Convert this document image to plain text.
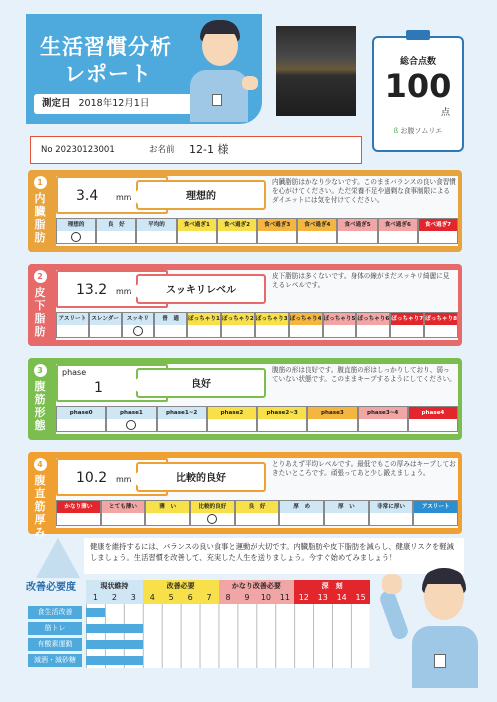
生活習慣分析
レポート
測定日 2018年12月1日
総合点数
100
点
ß お腹ソムリエ
No 20230123001	お名前 12-1 様
1
内
臓
脂
肪
3.4 mm	理想的
内臓脂肪はかなり少ないです。このままバランスの良い食習慣を心がけてください。ただ栄養不足や過剰な食事制限によるダイエットには気を付けてください。
理想的	良　好	平均的	食べ過ぎ1	食べ過ぎ2	食べ過ぎ3	食べ過ぎ4	食べ過ぎ5	食べ過ぎ6	食べ過ぎ7
2
皮
下
脂
肪
13.2 mm	スッキリレベル
皮下脂肪は多くないです。身体の線がまだスッキリ綺麗に見えるレベルです。
アスリート スレンダー	スッキリ	普　通	ぽっちゃり1 ぽっちゃり2 ぽっちゃり3 ぽっちゃり4 ぽっちゃり5 ぽっちゃり6 ぽっちゃり7 ぽっちゃり8
3
腹
筋
形
態
phase
1	良好
腹筋の形は良好です。腹直筋の形はしっかりしており、弱っていない状態です。このままキープするようにしてください。
phase0	phase1	phase1~2	phase2	phase2~3	phase3	phase3~4	phase4
4
腹
直
筋
厚
み
10.2 mm	比較的良好
とりあえず平均レベルです。最低でもこの厚みはキープしておきたいところです。頑張ってあと少し鍛えましょう。
かなり薄い	とても薄い	薄　い	比較的良好	良　好	厚　め	厚　い	非常に厚い	アスリート
健康を維持するには、バランスの良い食事と運動が大切です。内臓脂肪や皮下脂肪を減らし、健康リスクを軽減しましょう。生活習慣を改善して、充実した人生を送りましょう。今すぐ始めてみましょう！
改善必要度	現状維持	改善必要	かなり改善必要	深　刻
1	2	3	4	5	6	7	8	9	10	11	12	13	14	15
食生活改善
筋トレ
有酸素運動
減酒・減砂糖
